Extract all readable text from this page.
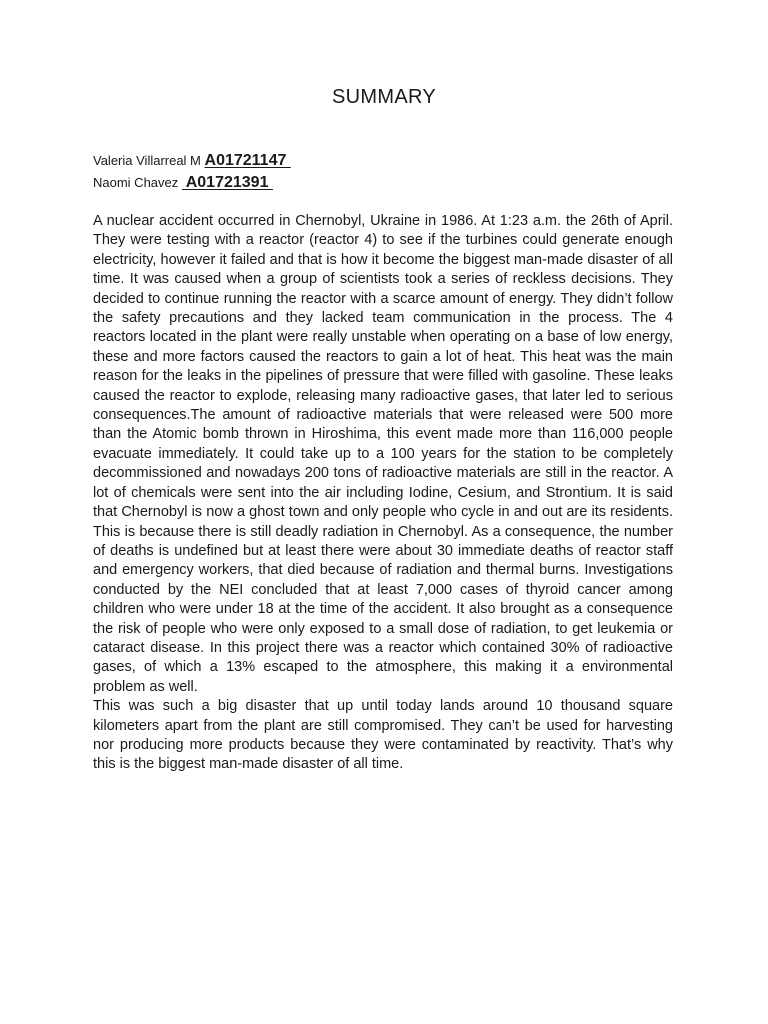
SUMMARY
Valeria Villarreal M A01721147
Naomi Chavez  A01721391

A nuclear accident occurred in Chernobyl, Ukraine in 1986. At 1:23 a.m. the 26th of April. They were testing with a reactor (reactor 4) to see if the turbines could generate enough electricity, however it failed and that is how it become the biggest man-made disaster of all time. It was caused when a group of scientists took a series of reckless decisions. They decided to continue running the reactor with a scarce amount of energy. They didn’t follow the safety precautions and they lacked team communication in the process. The 4 reactors located in the plant were really unstable when operating on a base of low energy, these and more factors caused the reactors to gain a lot of heat. This heat was the main reason for the leaks in the pipelines of pressure that were filled with gasoline. These leaks caused the reactor to explode, releasing many radioactive gases, that later led to serious consequences.The amount of radioactive materials that were released were 500 more than the Atomic bomb thrown in Hiroshima, this event made more than 116,000 people evacuate immediately. It could take up to a 100 years for the station to be completely decommissioned and nowadays 200 tons of radioactive materials are still in the reactor. A lot of chemicals were sent into the air including Iodine, Cesium, and Strontium. It is said that Chernobyl is now a ghost town and only people who cycle in and out are its residents. This is because there is still deadly radiation in Chernobyl. As a consequence, the number of deaths is undefined but at least there were about 30 immediate deaths of reactor staff and emergency workers, that died because of radiation and thermal burns. Investigations conducted by the NEI concluded that at least 7,000 cases of thyroid cancer among children who were under 18 at the time of the accident. It also brought as a consequence the risk of people who were only exposed to a small dose of radiation, to get leukemia or cataract disease. In this project there was a reactor which contained 30% of radioactive gases, of which a 13% escaped to the atmosphere, this making it a environmental problem as well.

This was such a big disaster that up until today lands around 10 thousand square kilometers apart from the plant are still compromised. They can’t be used for harvesting nor producing more products because they were contaminated by reactivity. That’s why this is the biggest man-made disaster of all time.
